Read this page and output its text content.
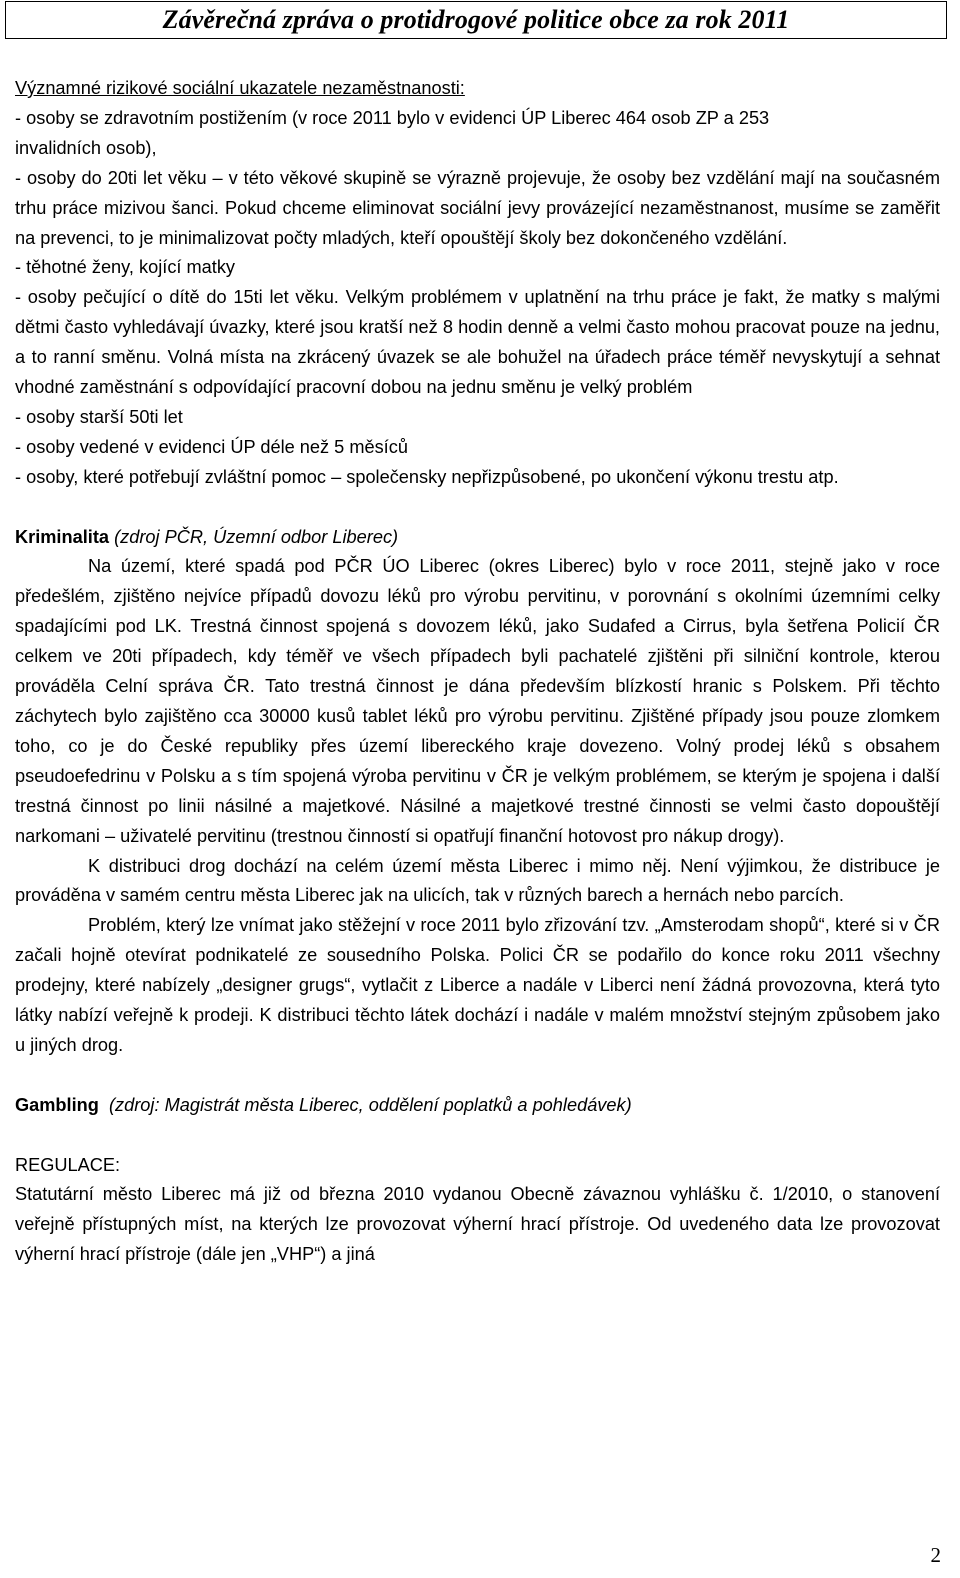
Závěrečná zpráva o protidrogové politice obce za rok 2011

Významné rizikové sociální ukazatele nezaměstnanosti:

- osoby se zdravotním postižením (v roce 2011 bylo v evidenci ÚP Liberec 464 osob ZP a 253

invalidních osob),

- osoby do 20ti let věku – v této věkové skupině se výrazně projevuje, že osoby bez vzdělání mají na současném trhu práce mizivou šanci. Pokud chceme eliminovat sociální jevy provázející nezaměstnanost, musíme se zaměřit na prevenci, to je minimalizovat počty mladých, kteří opouštějí školy bez dokončeného vzdělání.

- těhotné ženy, kojící matky

- osoby pečující o dítě do 15ti let věku. Velkým problémem v uplatnění na trhu práce je fakt, že matky s malými dětmi často vyhledávají úvazky, které jsou kratší než 8 hodin denně a velmi často mohou pracovat pouze na jednu, a to ranní směnu. Volná místa na zkrácený úvazek se ale bohužel na úřadech práce téměř nevyskytují a sehnat vhodné zaměstnání s odpovídající pracovní dobou na jednu směnu je velký problém

- osoby starší 50ti let

- osoby vedené v evidenci ÚP déle než 5 měsíců

- osoby, které potřebují zvláštní pomoc – společensky nepřizpůsobené, po ukončení výkonu trestu atp.

Kriminalita (zdroj PČR, Územní odbor Liberec)

Na území, které spadá pod PČR ÚO Liberec (okres Liberec) bylo v roce 2011, stejně jako v roce předešlém, zjištěno nejvíce případů dovozu léků pro výrobu pervitinu, v porovnání s okolními územními celky spadajícími pod LK. Trestná činnost spojená s dovozem léků, jako Sudafed a Cirrus, byla šetřena Policií ČR celkem ve 20ti případech, kdy téměř ve všech případech byli pachatelé zjištěni při silniční kontrole, kterou prováděla Celní správa ČR. Tato trestná činnost je dána především blízkostí hranic s Polskem. Při těchto záchytech bylo zajištěno cca 30000 kusů tablet léků pro výrobu pervitinu. Zjištěné případy jsou pouze zlomkem toho, co je do České republiky přes území libereckého kraje dovezeno. Volný prodej léků s obsahem pseudoefedrinu v Polsku a s tím spojená výroba pervitinu v ČR je velkým problémem, se kterým je spojena i další trestná činnost po linii násilné a majetkové. Násilné a majetkové trestné činnosti se velmi často dopouštějí narkomani – uživatelé pervitinu (trestnou činností si opatřují finanční hotovost pro nákup drogy).

K distribuci drog dochází na celém území města Liberec i mimo něj. Není výjimkou, že distribuce je prováděna v samém centru města Liberec jak na ulicích, tak v různých barech a hernách nebo parcích.

Problém, který lze vnímat jako stěžejní v roce 2011 bylo zřizování tzv. „Amsterodam shopů“, které si v ČR začali hojně otevírat podnikatelé ze sousedního Polska. Polici ČR se podařilo do konce roku 2011 všechny prodejny, které nabízely „designer grugs“, vytlačit z Liberce a nadále v Liberci není žádná provozovna, která tyto látky nabízí veřejně k prodeji. K distribuci těchto látek dochází i nadále v malém množství stejným způsobem jako u jiných drog.

Gambling (zdroj: Magistrát města Liberec, oddělení poplatků a pohledávek)

REGULACE:

Statutární město Liberec má již od března 2010 vydanou Obecně závaznou vyhlášku č. 1/2010, o stanovení veřejně přístupných míst, na kterých lze provozovat výherní hrací přístroje. Od uvedeného data lze provozovat výherní hrací přístroje (dále jen „VHP“) a jiná

2
